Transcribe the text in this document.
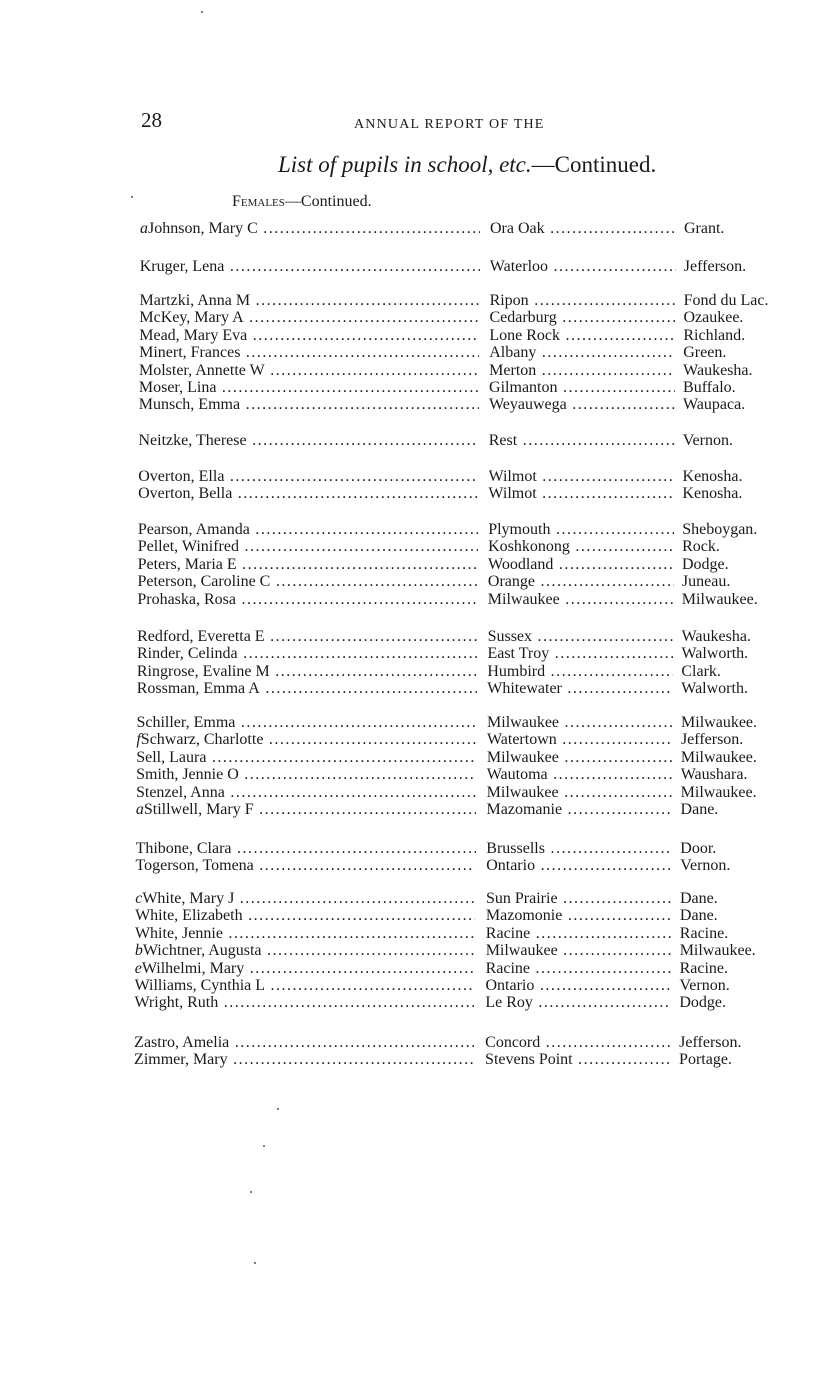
28	ANNUAL REPORT OF THE
List of pupils in school, etc.—Continued.
Females—Continued.
aJohnson, Mary C .....	Ora Oak .....	Grant.
Kruger, Lena .....	Waterloo .....	Jefferson.
Martzki, Anna M .....	Ripon .....	Fond du Lac.
McKey, Mary A .....	Cedarburg .....	Ozaukee.
Mead, Mary Eva .....	Lone Rock .....	Richland.
Minert, Frances .....	Albany .....	Green.
Molster, Annette W .....	Merton .....	Waukesha.
Moser, Lina .....	Gilmanton .....	Buffalo.
Munsch, Emma .....	Weyauwega .....	Waupaca.
Neitzke, Therese .....	Rest .....	Vernon.
Overton, Ella .....	Wilmot .....	Kenosha.
Overton, Bella .....	Wilmot .....	Kenosha.
Pearson, Amanda .....	Plymouth .....	Sheboygan.
Pellet, Winifred .....	Koshkonong .....	Rock.
Peters, Maria E .....	Woodland .....	Dodge.
Peterson, Caroline C .....	Orange .....	Juneau.
Prohaska, Rosa .....	Milwaukee .....	Milwaukee.
Redford, Everetta E .....	Sussex .....	Waukesha.
Rinder, Celinda .....	East Troy .....	Walworth.
Ringrose, Evaline M .....	Humbird .....	Clark.
Rossman, Emma A .....	Whitewater .....	Walworth.
Schiller, Emma .....	Milwaukee .....	Milwaukee.
fSchwarz, Charlotte .....	Watertown .....	Jefferson.
Sell, Laura .....	Milwaukee .....	Milwaukee.
Smith, Jennie O .....	Wautoma .....	Waushara.
Stenzel, Anna .....	Milwaukee .....	Milwaukee.
aStillwell, Mary F .....	Mazomanie .....	Dane.
Thibone, Clara .....	Brussells .....	Door.
Togerson, Tomena .....	Ontario .....	Vernon.
cWhite, Mary J .....	Sun Prairie .....	Dane.
White, Elizabeth .....	Mazomonie .....	Dane.
White, Jennie .....	Racine .....	Racine.
bWichtner, Augusta .....	Milwaukee .....	Milwaukee.
eWilhelmi, Mary .....	Racine .....	Racine.
Williams, Cynthia L .....	Ontario .....	Vernon.
Wright, Ruth .....	Le Roy .....	Dodge.
Zastro, Amelia .....	Concord .....	Jefferson.
Zimmer, Mary .....	Stevens Point .....	Portage.
